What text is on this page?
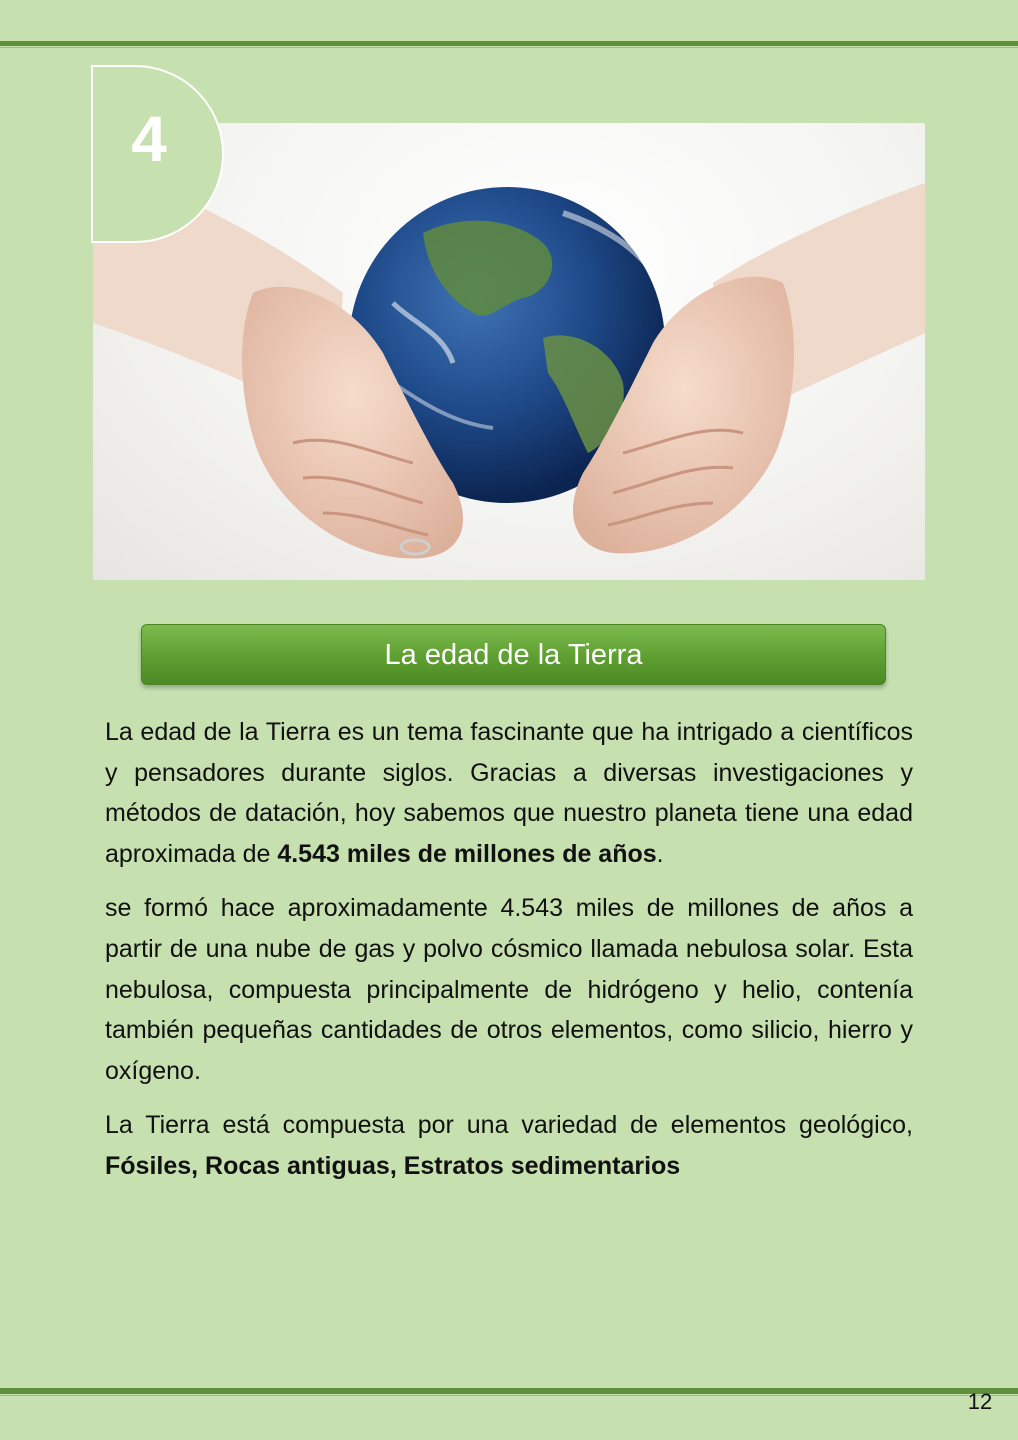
4
La edad de la Tierra

La edad de la Tierra es un tema fascinante que ha intrigado a científicos y pensadores durante siglos. Gracias a diversas investigaciones y métodos de datación, hoy sabemos que nuestro planeta tiene una edad aproximada de 4.543 miles de millones de años.

se formó hace aproximadamente 4.543 miles de millones de años a partir de una nube de gas y polvo cósmico llamada nebulosa solar. Esta nebulosa, compuesta principalmente de hidrógeno y helio, contenía también pequeñas cantidades de otros elementos, como silicio, hierro y oxígeno.

La Tierra está compuesta por una variedad de elementos geológico, Fósiles, Rocas antiguas, Estratos sedimentarios

12
